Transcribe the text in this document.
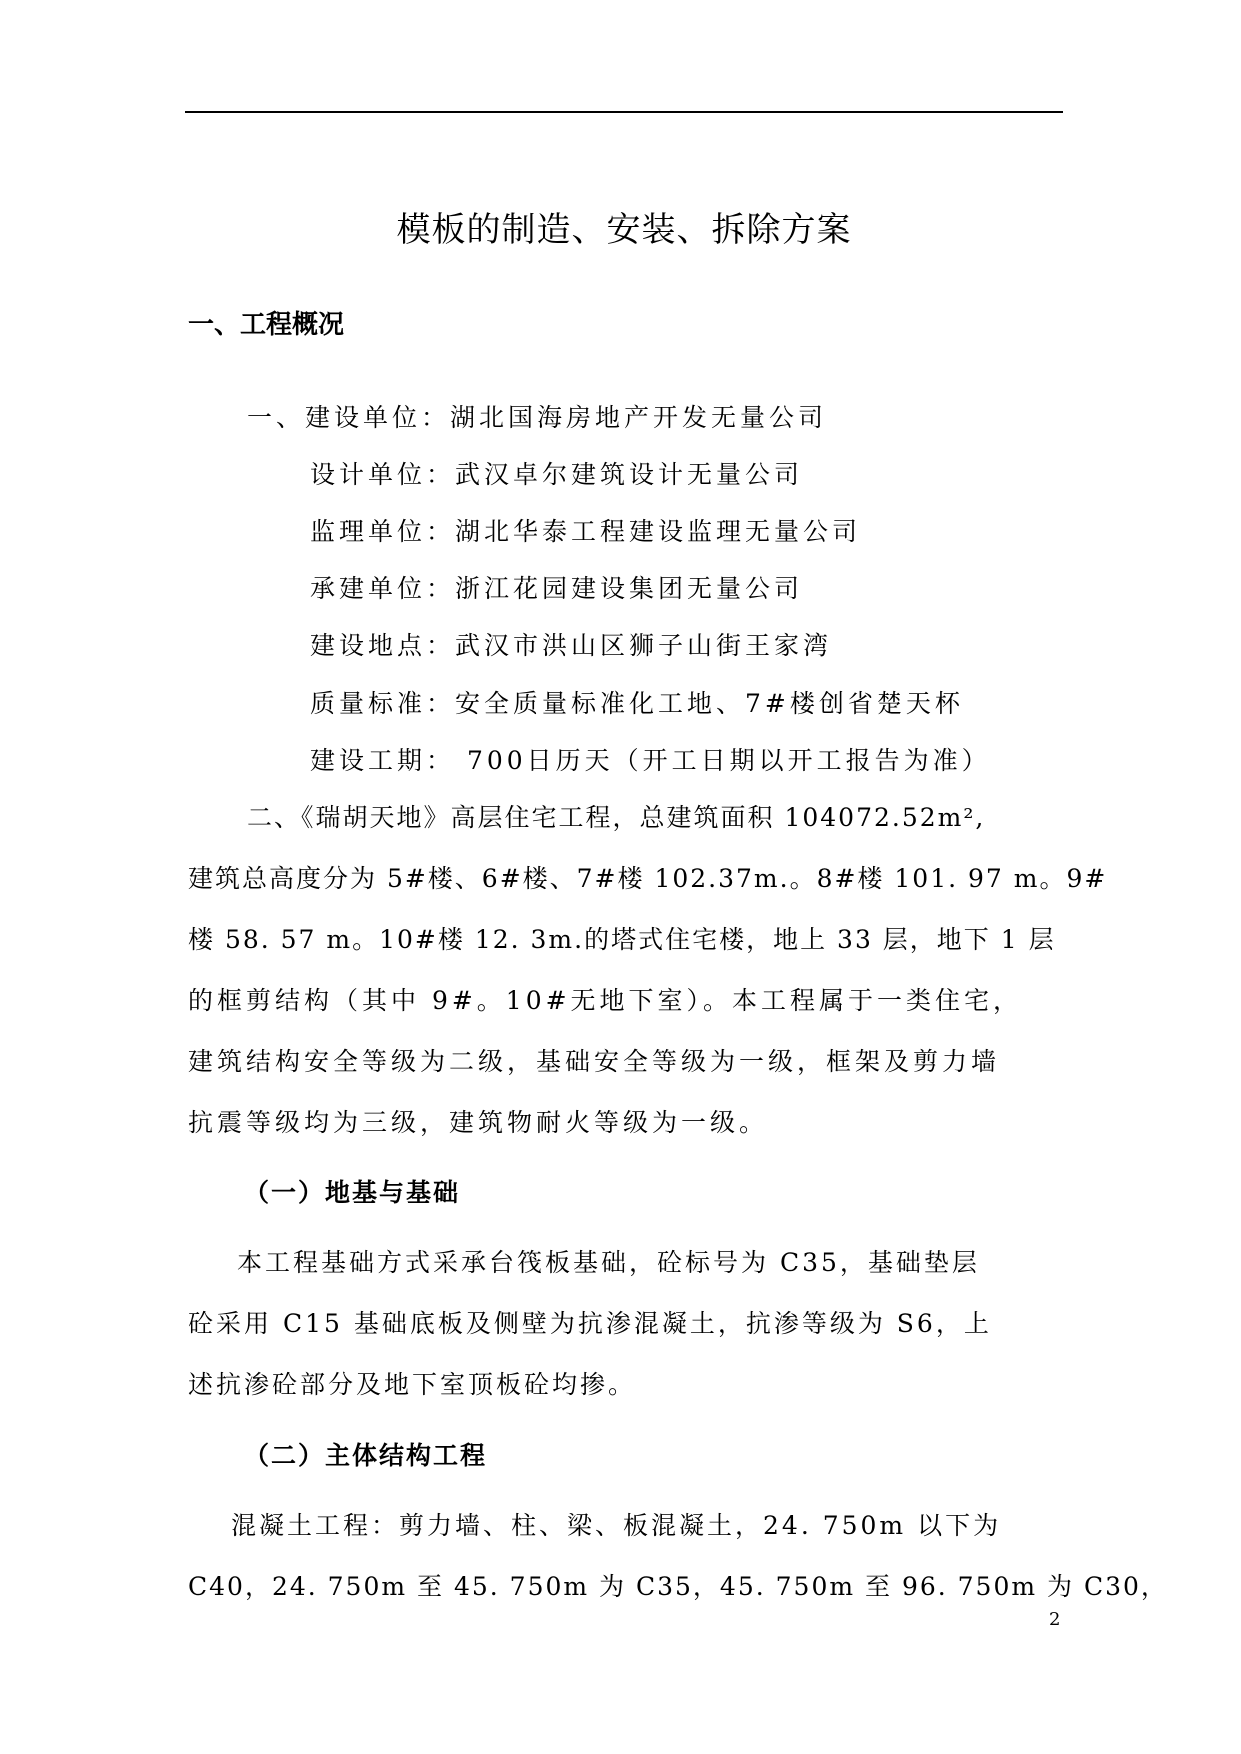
模板的制造、安装、拆除方案
一、工程概况
一、建设单位：湖北国海房地产开发无量公司
设计单位：武汉卓尔建筑设计无量公司
监理单位：湖北华泰工程建设监理无量公司
承建单位：浙江花园建设集团无量公司
建设地点：武汉市洪山区狮子山街王家湾
质量标准：安全质量标准化工地、7#楼创省楚天杯
建设工期： 700日历天（开工日期以开工报告为准）
二、《瑞胡天地》高层住宅工程，总建筑面积 104072.52m²,
建筑总高度分为 5#楼、6#楼、7#楼 102.37m.。8#楼 101. 97 m。9#
楼 58. 57 m。10#楼 12. 3m.的塔式住宅楼，地上 33 层，地下 1 层
的框剪结构（其中 9#。10#无地下室）。本工程属于一类住宅，
建筑结构安全等级为二级，基础安全等级为一级，框架及剪力墙
抗震等级均为三级，建筑物耐火等级为一级。
（一）地基与基础
本工程基础方式采承台筏板基础，砼标号为 C35，基础垫层
砼采用 C15 基础底板及侧壁为抗渗混凝土，抗渗等级为 S6，上
述抗渗砼部分及地下室顶板砼均掺。
（二）主体结构工程
混凝土工程：剪力墙、柱、梁、板混凝土，24. 750m 以下为
C40，24. 750m 至 45. 750m 为 C35，45. 750m 至 96. 750m 为 C30，
2
